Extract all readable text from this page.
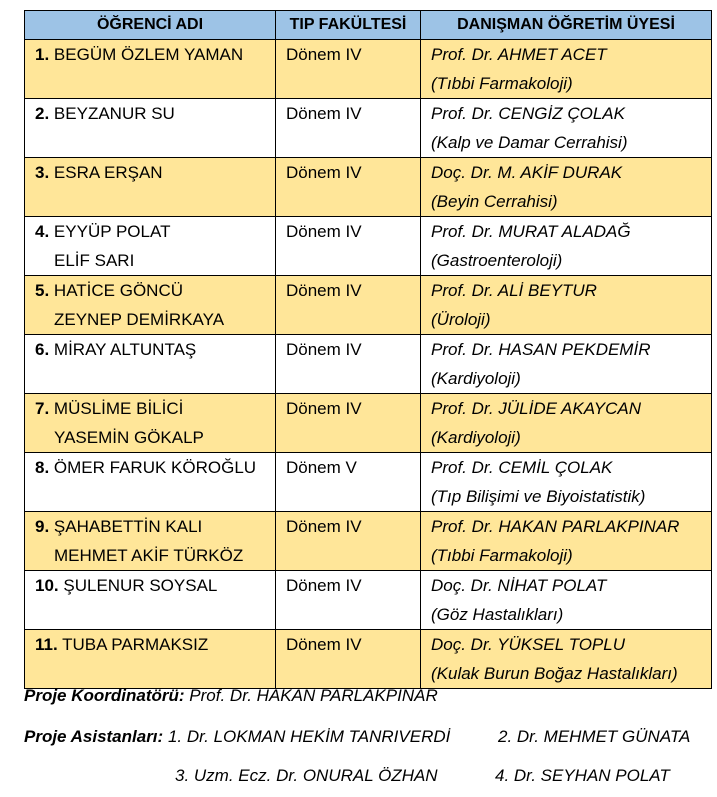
ÖĞRENCİ ADI	TIP FAKÜLTESİ	DANIŞMAN ÖĞRETİM ÜYESİ
1. BEGÜM ÖZLEM YAMAN	Dönem IV	Prof. Dr. AHMET ACET
(Tıbbi Farmakoloji)

2. BEYZANUR SU	Dönem IV	Prof. Dr. CENGİZ ÇOLAK
(Kalp ve Damar Cerrahisi)

3. ESRA ERŞAN	Dönem IV	Doç. Dr. M. AKİF DURAK
(Beyin Cerrahisi)

4. EYYÜP POLAT
ELİF SARI	Dönem IV	Prof. Dr. MURAT ALADAĞ
(Gastroenteroloji)

5. HATİCE GÖNCÜ
ZEYNEP DEMİRKAYA	Dönem IV	Prof. Dr. ALİ BEYTUR
(Üroloji)

6. MİRAY ALTUNTAŞ	Dönem IV	Prof. Dr. HASAN PEKDEMİR
(Kardiyoloji)

7. MÜSLİME BİLİCİ
YASEMİN GÖKALP	Dönem IV	Prof. Dr. JÜLİDE AKAYCAN
(Kardiyoloji)

8. ÖMER FARUK KÖROĞLU	Dönem V	Prof. Dr. CEMİL ÇOLAK
(Tıp Bilişimi ve Biyoistatistik)

9. ŞAHABETTİN KALI
MEHMET AKİF TÜRKÖZ	Dönem IV	Prof. Dr. HAKAN PARLAKPINAR
(Tıbbi Farmakoloji)

10. ŞULENUR SOYSAL	Dönem IV	Doç. Dr. NİHAT POLAT
(Göz Hastalıkları)

11. TUBA PARMAKSIZ	Dönem IV	Doç. Dr. YÜKSEL TOPLU
(Kulak Burun Boğaz Hastalıkları)
Proje Koordinatörü: Prof. Dr. HAKAN PARLAKPINAR
Proje Asistanları: 1. Dr. LOKMAN HEKİM TANRIVERDİ	2. Dr. MEHMET GÜNATA
3. Uzm. Ecz. Dr. ONURAL ÖZHAN	4. Dr. SEYHAN POLAT
